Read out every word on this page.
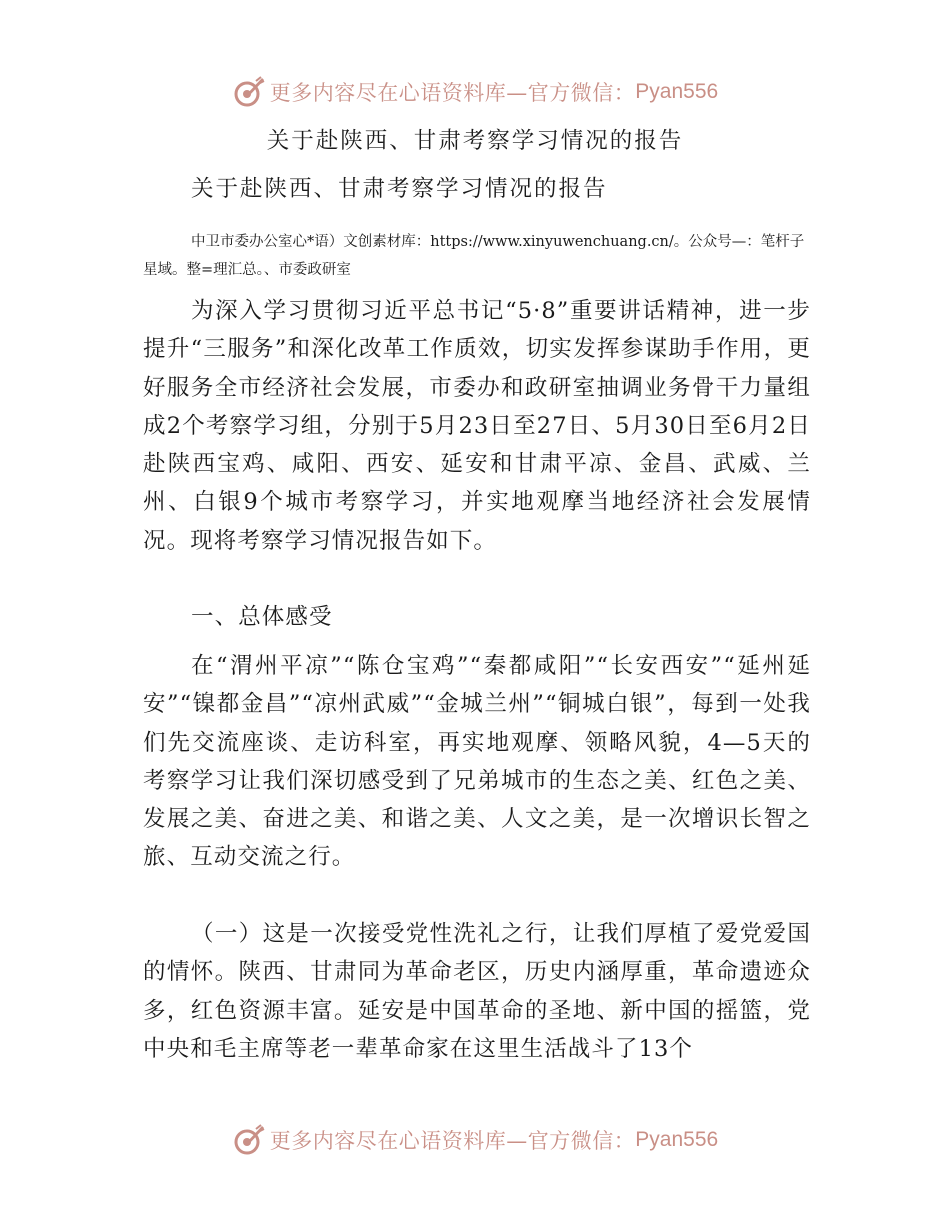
更多内容尽在心语资料库—官方微信： Pyan556
关于赴陕西、甘肃考察学习情况的报告
关于赴陕西、甘肃考察学习情况的报告

中卫市委办公室心*语）文创素材库：https://www.xinyuwenchuang.cn/。公众号—：笔杆子星域。整=理汇总。、市委政研室

为深入学习贯彻习近平总书记“5·8”重要讲话精神，进一步提升“三服务”和深化改革工作质效，切实发挥参谋助手作用，更好服务全市经济社会发展，市委办和政研室抽调业务骨干力量组成2个考察学习组，分别于5月23日至27日、5月30日至6月2日赴陕西宝鸡、咸阳、西安、延安和甘肃平凉、金昌、武威、兰州、白银9个城市考察学习，并实地观摩当地经济社会发展情况。现将考察学习情况报告如下。

一、总体感受

在“渭州平凉”“陈仓宝鸡”“秦都咸阳”“长安西安”“延州延安”“镍都金昌”“凉州武威”“金城兰州”“铜城白银”，每到一处我们先交流座谈、走访科室，再实地观摩、领略风貌，4—5天的考察学习让我们深切感受到了兄弟城市的生态之美、红色之美、发展之美、奋进之美、和谐之美、人文之美，是一次增识长智之旅、互动交流之行。

（一）这是一次接受党性洗礼之行，让我们厚植了爱党爱国的情怀。陕西、甘肃同为革命老区，历史内涵厚重，革命遗迹众多，红色资源丰富。延安是中国革命的圣地、新中国的摇篮，党中央和毛主席等老一辈革命家在这里生活战斗了13个

更多内容尽在心语资料库—官方微信： Pyan556
